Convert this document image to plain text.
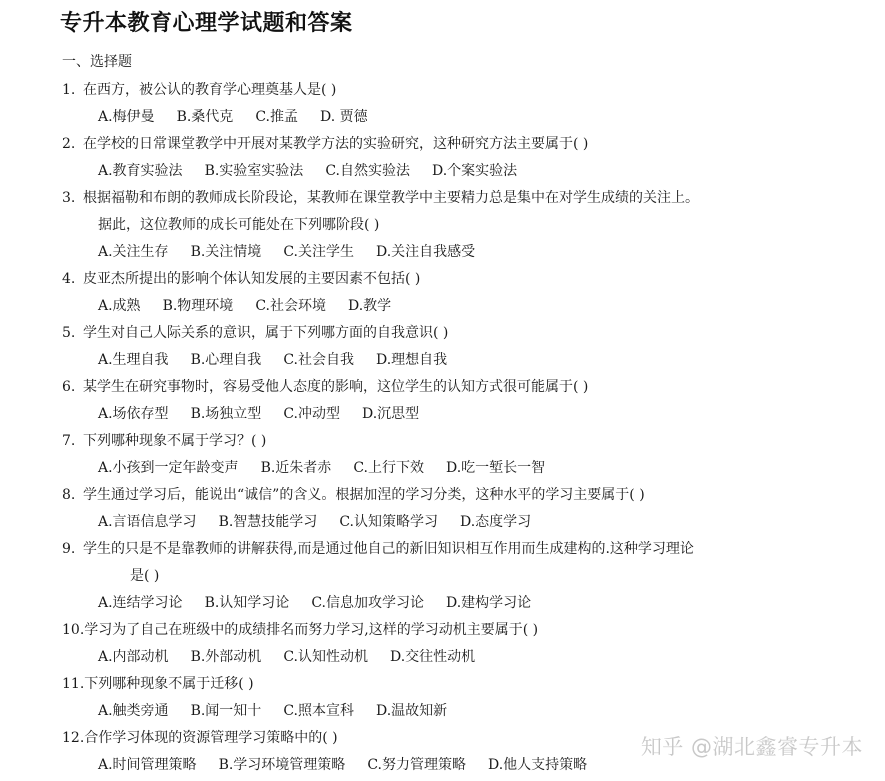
专升本教育心理学试题和答案
一、选择题
1. 在西方，被公认的教育学心理奠基人是( )
A.梅伊曼 B.桑代克 C.推孟 D. 贾德
2. 在学校的日常课堂教学中开展对某教学方法的实验研究，这种研究方法主要属于( )
A.教育实验法 B.实验室实验法 C.自然实验法 D.个案实验法
3. 根据福勒和布朗的教师成长阶段论，某教师在课堂教学中主要精力总是集中在对学生成绩的关注上。
据此，这位教师的成长可能处在下列哪阶段( )
A.关注生存 B.关注情境 C.关注学生 D.关注自我感受
4. 皮亚杰所提出的影响个体认知发展的主要因素不包括( )
A.成熟 B.物理环境 C.社会环境 D.教学
5. 学生对自己人际关系的意识，属于下列哪方面的自我意识( )
A.生理自我 B.心理自我 C.社会自我 D.理想自我
6. 某学生在研究事物时，容易受他人态度的影响，这位学生的认知方式很可能属于( )
A.场依存型 B.场独立型 C.冲动型 D.沉思型
7. 下列哪种现象不属于学习？( )
A.小孩到一定年龄变声 B.近朱者赤 C.上行下效 D.吃一堑长一智
8. 学生通过学习后，能说出“诚信”的含义。根据加涅的学习分类，这种水平的学习主要属于( )
A.言语信息学习 B.智慧技能学习 C.认知策略学习 D.态度学习
9. 学生的只是不是靠教师的讲解获得,而是通过他自己的新旧知识相互作用而生成建构的.这种学习理论
是( )
A.连结学习论 B.认知学习论 C.信息加攻学习论 D.建构学习论
10.学习为了自己在班级中的成绩排名而努力学习,这样的学习动机主要属于( )
A.内部动机 B.外部动机 C.认知性动机 D.交往性动机
11.下列哪种现象不属于迁移( )
A.触类旁通 B.闻一知十 C.照本宣科 D.温故知新
12.合作学习体现的资源管理学习策略中的( )
A.时间管理策略 B.学习环境管理策略 C.努力管理策略 D.他人支持策略
知乎 @湖北鑫睿专升本
